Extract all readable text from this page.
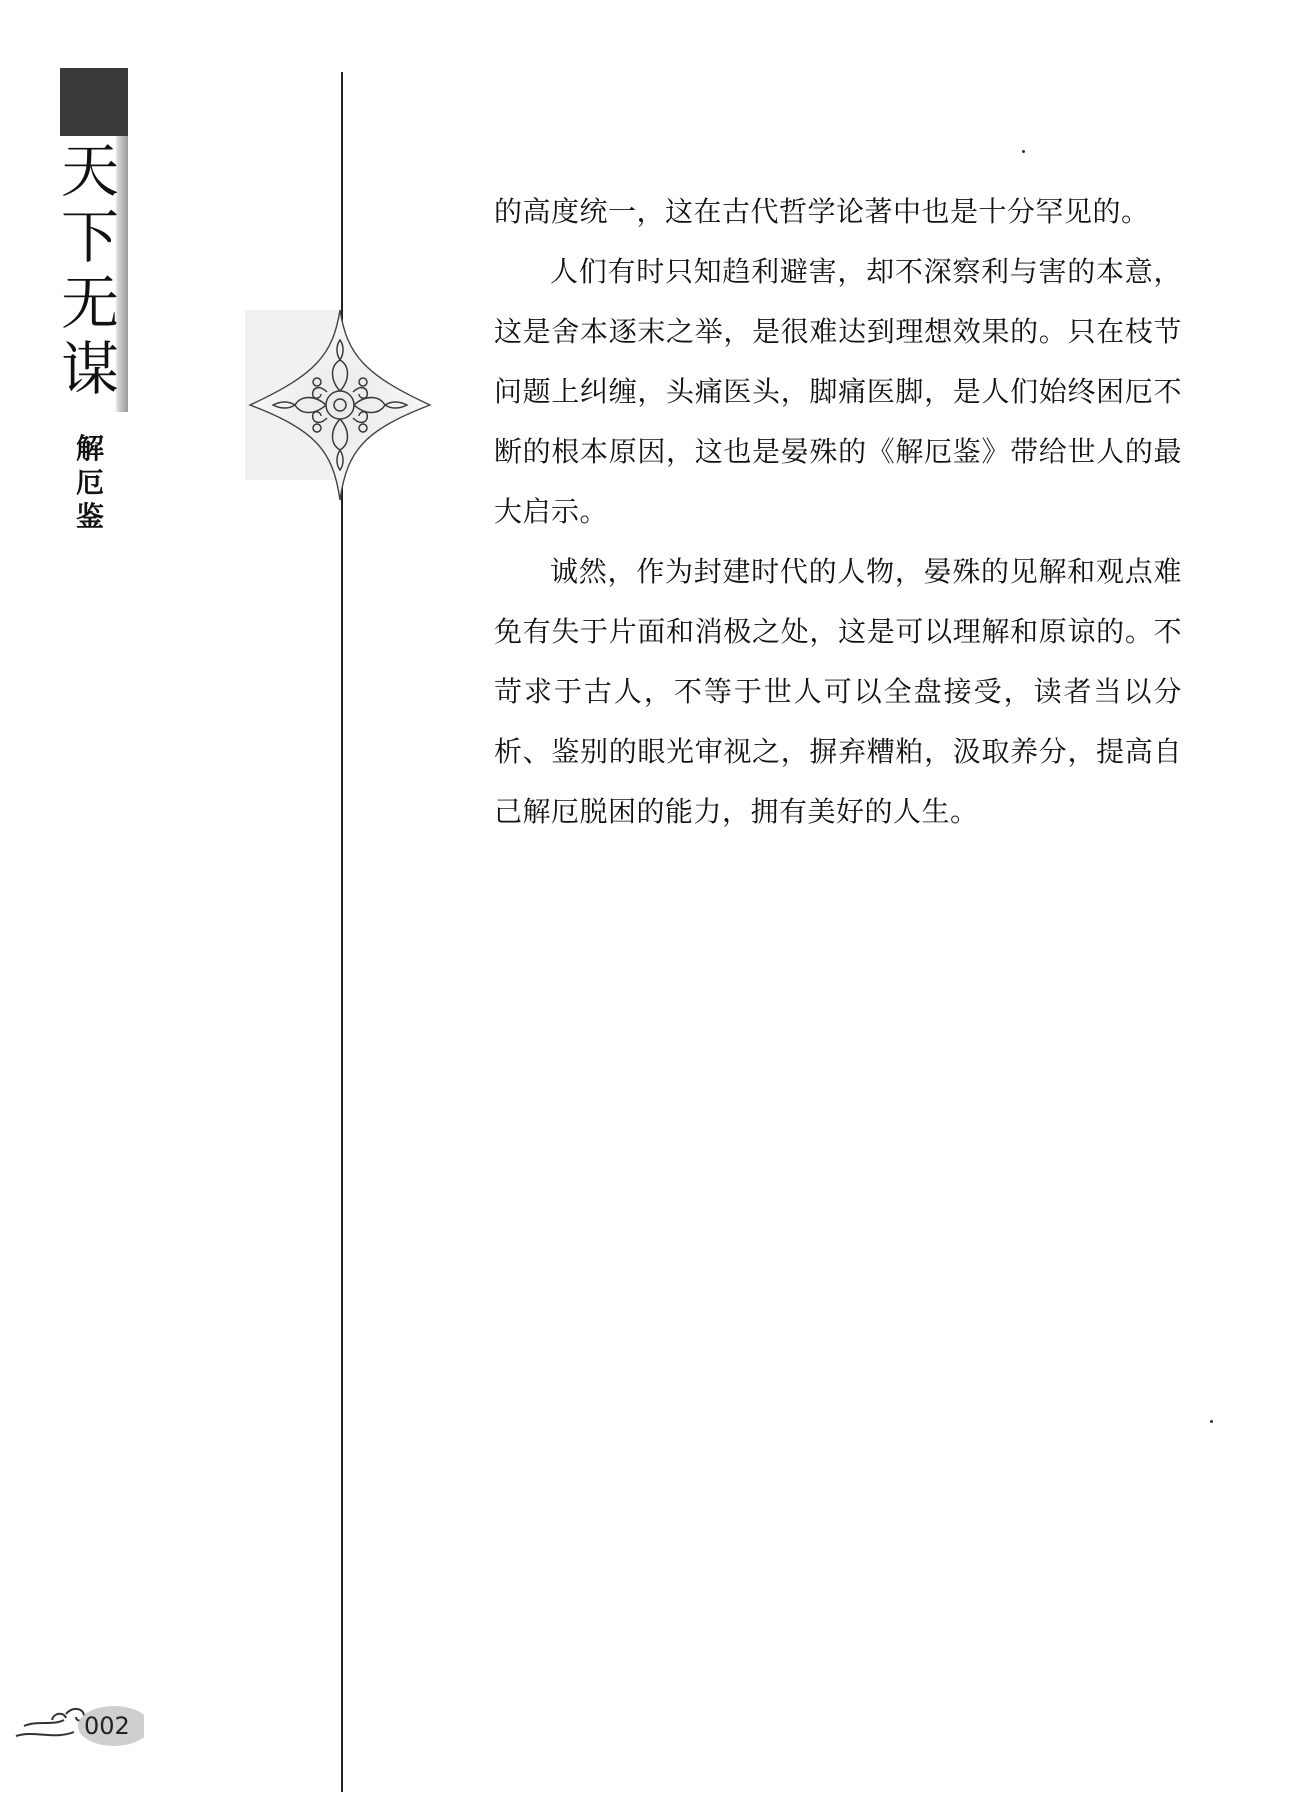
天
下
无
谋
解
厄
鉴

的高度统一，这在古代哲学论著中也是十分罕见的。

人们有时只知趋利避害，却不深察利与害的本意，这是舍本逐末之举，是很难达到理想效果的。只在枝节问题上纠缠，头痛医头，脚痛医脚，是人们始终困厄不断的根本原因，这也是晏殊的《解厄鉴》带给世人的最大启示。

诚然，作为封建时代的人物，晏殊的见解和观点难免有失于片面和消极之处，这是可以理解和原谅的。不苛求于古人，不等于世人可以全盘接受，读者当以分析、鉴别的眼光审视之，摒弃糟粕，汲取养分，提高自己解厄脱困的能力，拥有美好的人生。

002
